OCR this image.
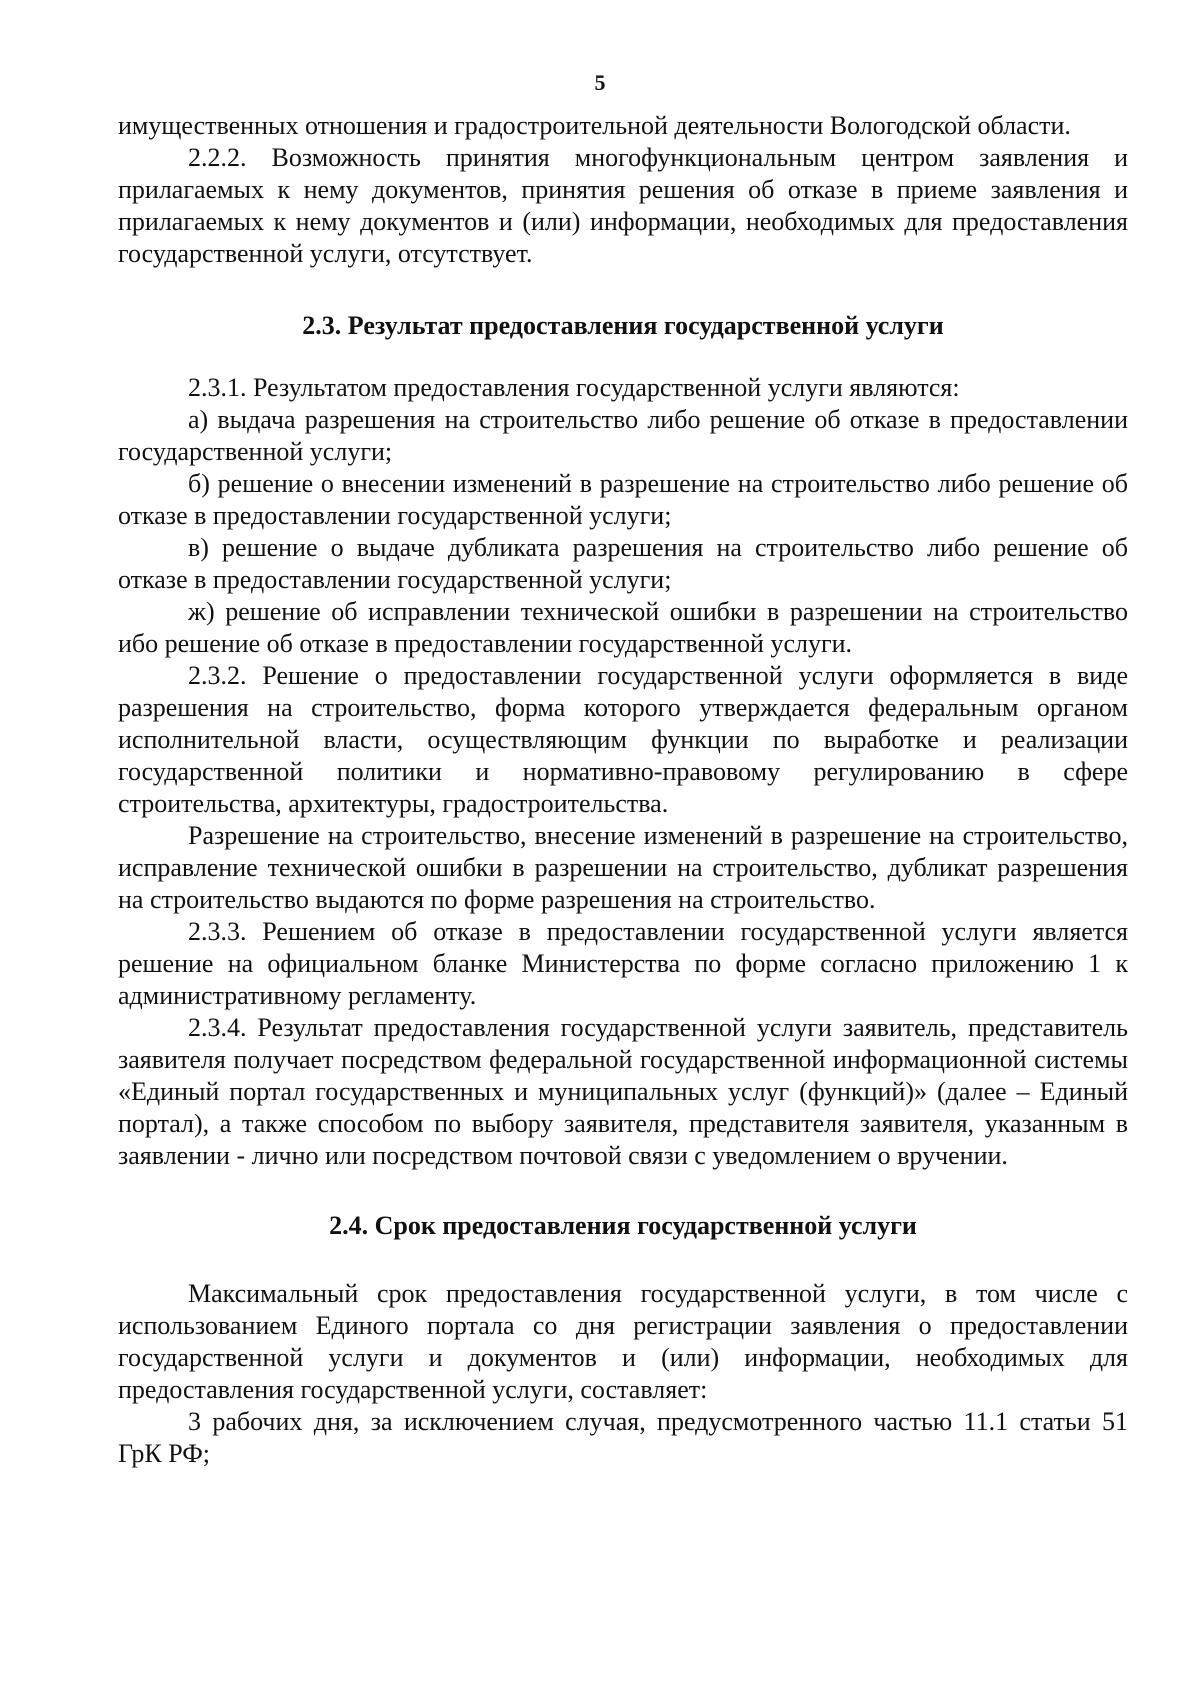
5

имущественных отношения и градостроительной деятельности Вологодской области.

2.2.2. Возможность принятия многофункциональным центром заявления и прилагаемых к нему документов, принятия решения об отказе в приеме заявления и прилагаемых к нему документов и (или) информации, необходимых для предоставления государственной услуги, отсутствует.

2.3. Результат предоставления государственной услуги

2.3.1. Результатом предоставления государственной услуги являются:

а) выдача разрешения на строительство либо решение об отказе в предоставлении государственной услуги;

б) решение о внесении изменений в разрешение на строительство либо решение об отказе в предоставлении государственной услуги;

в) решение о выдаче дубликата разрешения на строительство либо решение об отказе в предоставлении государственной услуги;

ж) решение об исправлении технической ошибки в разрешении на строительство ибо решение об отказе в предоставлении государственной услуги.

2.3.2. Решение о предоставлении государственной услуги оформляется в виде разрешения на строительство, форма которого утверждается федеральным органом исполнительной власти, осуществляющим функции по выработке и реализации государственной политики и нормативно-правовому регулированию в сфере строительства, архитектуры, градостроительства.

Разрешение на строительство, внесение изменений в разрешение на строительство, исправление технической ошибки в разрешении на строительство, дубликат разрешения на строительство выдаются по форме разрешения на строительство.

2.3.3. Решением об отказе в предоставлении государственной услуги является решение на официальном бланке Министерства по форме согласно приложению 1 к административному регламенту.

2.3.4. Результат предоставления государственной услуги заявитель, представитель заявителя получает посредством федеральной государственной информационной системы «Единый портал государственных и муниципальных услуг (функций)» (далее – Единый портал), а также способом по выбору заявителя, представителя заявителя, указанным в заявлении - лично или посредством почтовой связи с уведомлением о вручении.

2.4. Срок предоставления государственной услуги

Максимальный срок предоставления государственной услуги, в том числе с использованием Единого портала со дня регистрации заявления о предоставлении государственной услуги и документов и (или) информации, необходимых для предоставления государственной услуги, составляет:

3 рабочих дня, за исключением случая, предусмотренного частью 11.1 статьи 51 ГрК РФ;
